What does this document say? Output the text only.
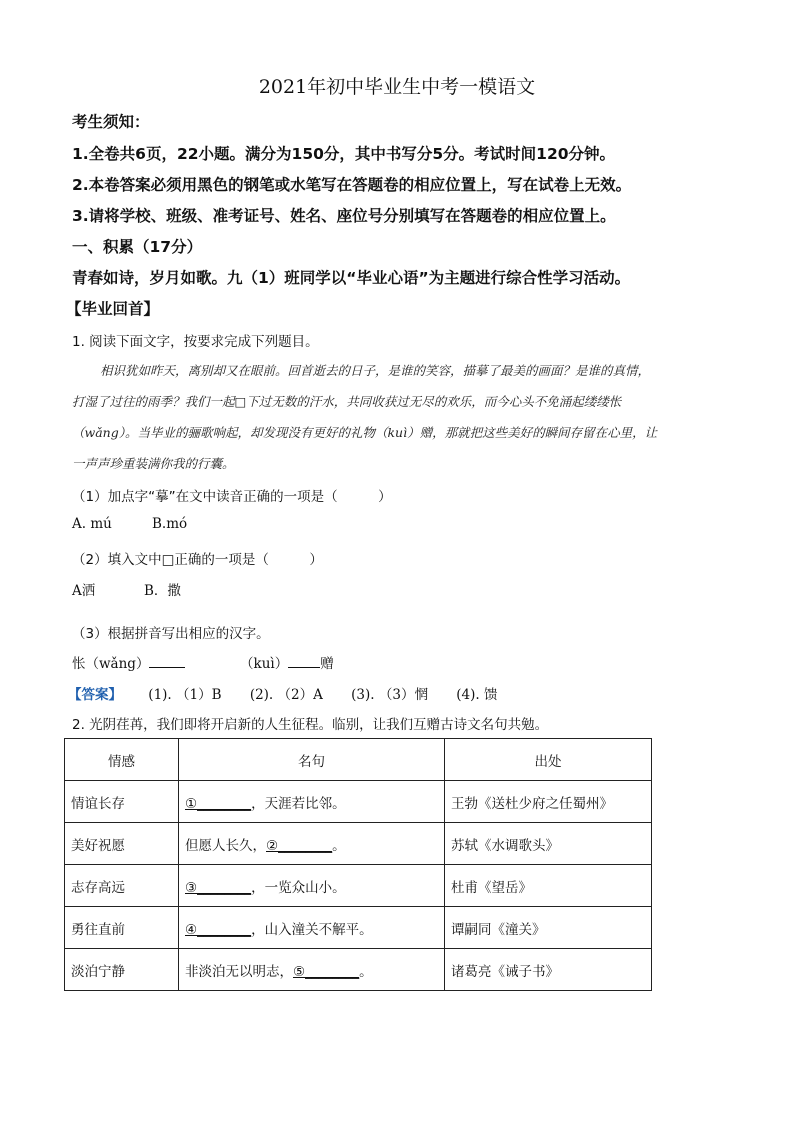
2021年初中毕业生中考一模语文
考生须知：
1.全卷共6页，22小题。满分为150分，其中书写分5分。考试时间120分钟。
2.本卷答案必须用黑色的钢笔或水笔写在答题卷的相应位置上，写在试卷上无效。
3.请将学校、班级、准考证号、姓名、座位号分别填写在答题卷的相应位置上。
一、积累（17分）
青春如诗，岁月如歌。九（1）班同学以“毕业心语”为主题进行综合性学习活动。
【毕业回首】
1. 阅读下面文字，按要求完成下列题目。
相识犹如昨天，离别却又在眼前。回首逝去的日子，是谁的笑容，描摹了最美的画面？是谁的真情，
打湿了过往的雨季？我们一起□下过无数的汗水，共同收获过无尽的欢乐，而今心头不免涌起缕缕怅
（wǎng）。当毕业的骊歌响起，却发现没有更好的礼物（kuì）赠，那就把这些美好的瞬间存留在心里，让
一声声珍重装满你我的行囊。
（1）加点字“摹”在文中读音正确的一项是（　　　）
A. mú	B.mó
（2）填入文中□正确的一项是（　　　）
A洒	B．撒
（3）根据拼音写出相应的汉字。
怅（wǎng）	（kuì） 赠
【答案】 (1). （1）B (2). （2）A (3). （3）惘 (4). 馈
2. 光阴荏苒，我们即将开启新的人生征程。临别，让我们互赠古诗文名句共勉。
情感	名句	出处
情谊长存	①________，天涯若比邻。	王勃《送杜少府之任蜀州》
美好祝愿	但愿人长久，②________。	苏轼《水调歌头》
志存高远	③________，一览众山小。	杜甫《望岳》
勇往直前	④________，山入潼关不解平。	谭嗣同《潼关》
淡泊宁静	非淡泊无以明志，⑤________。	诸葛亮《诫子书》
